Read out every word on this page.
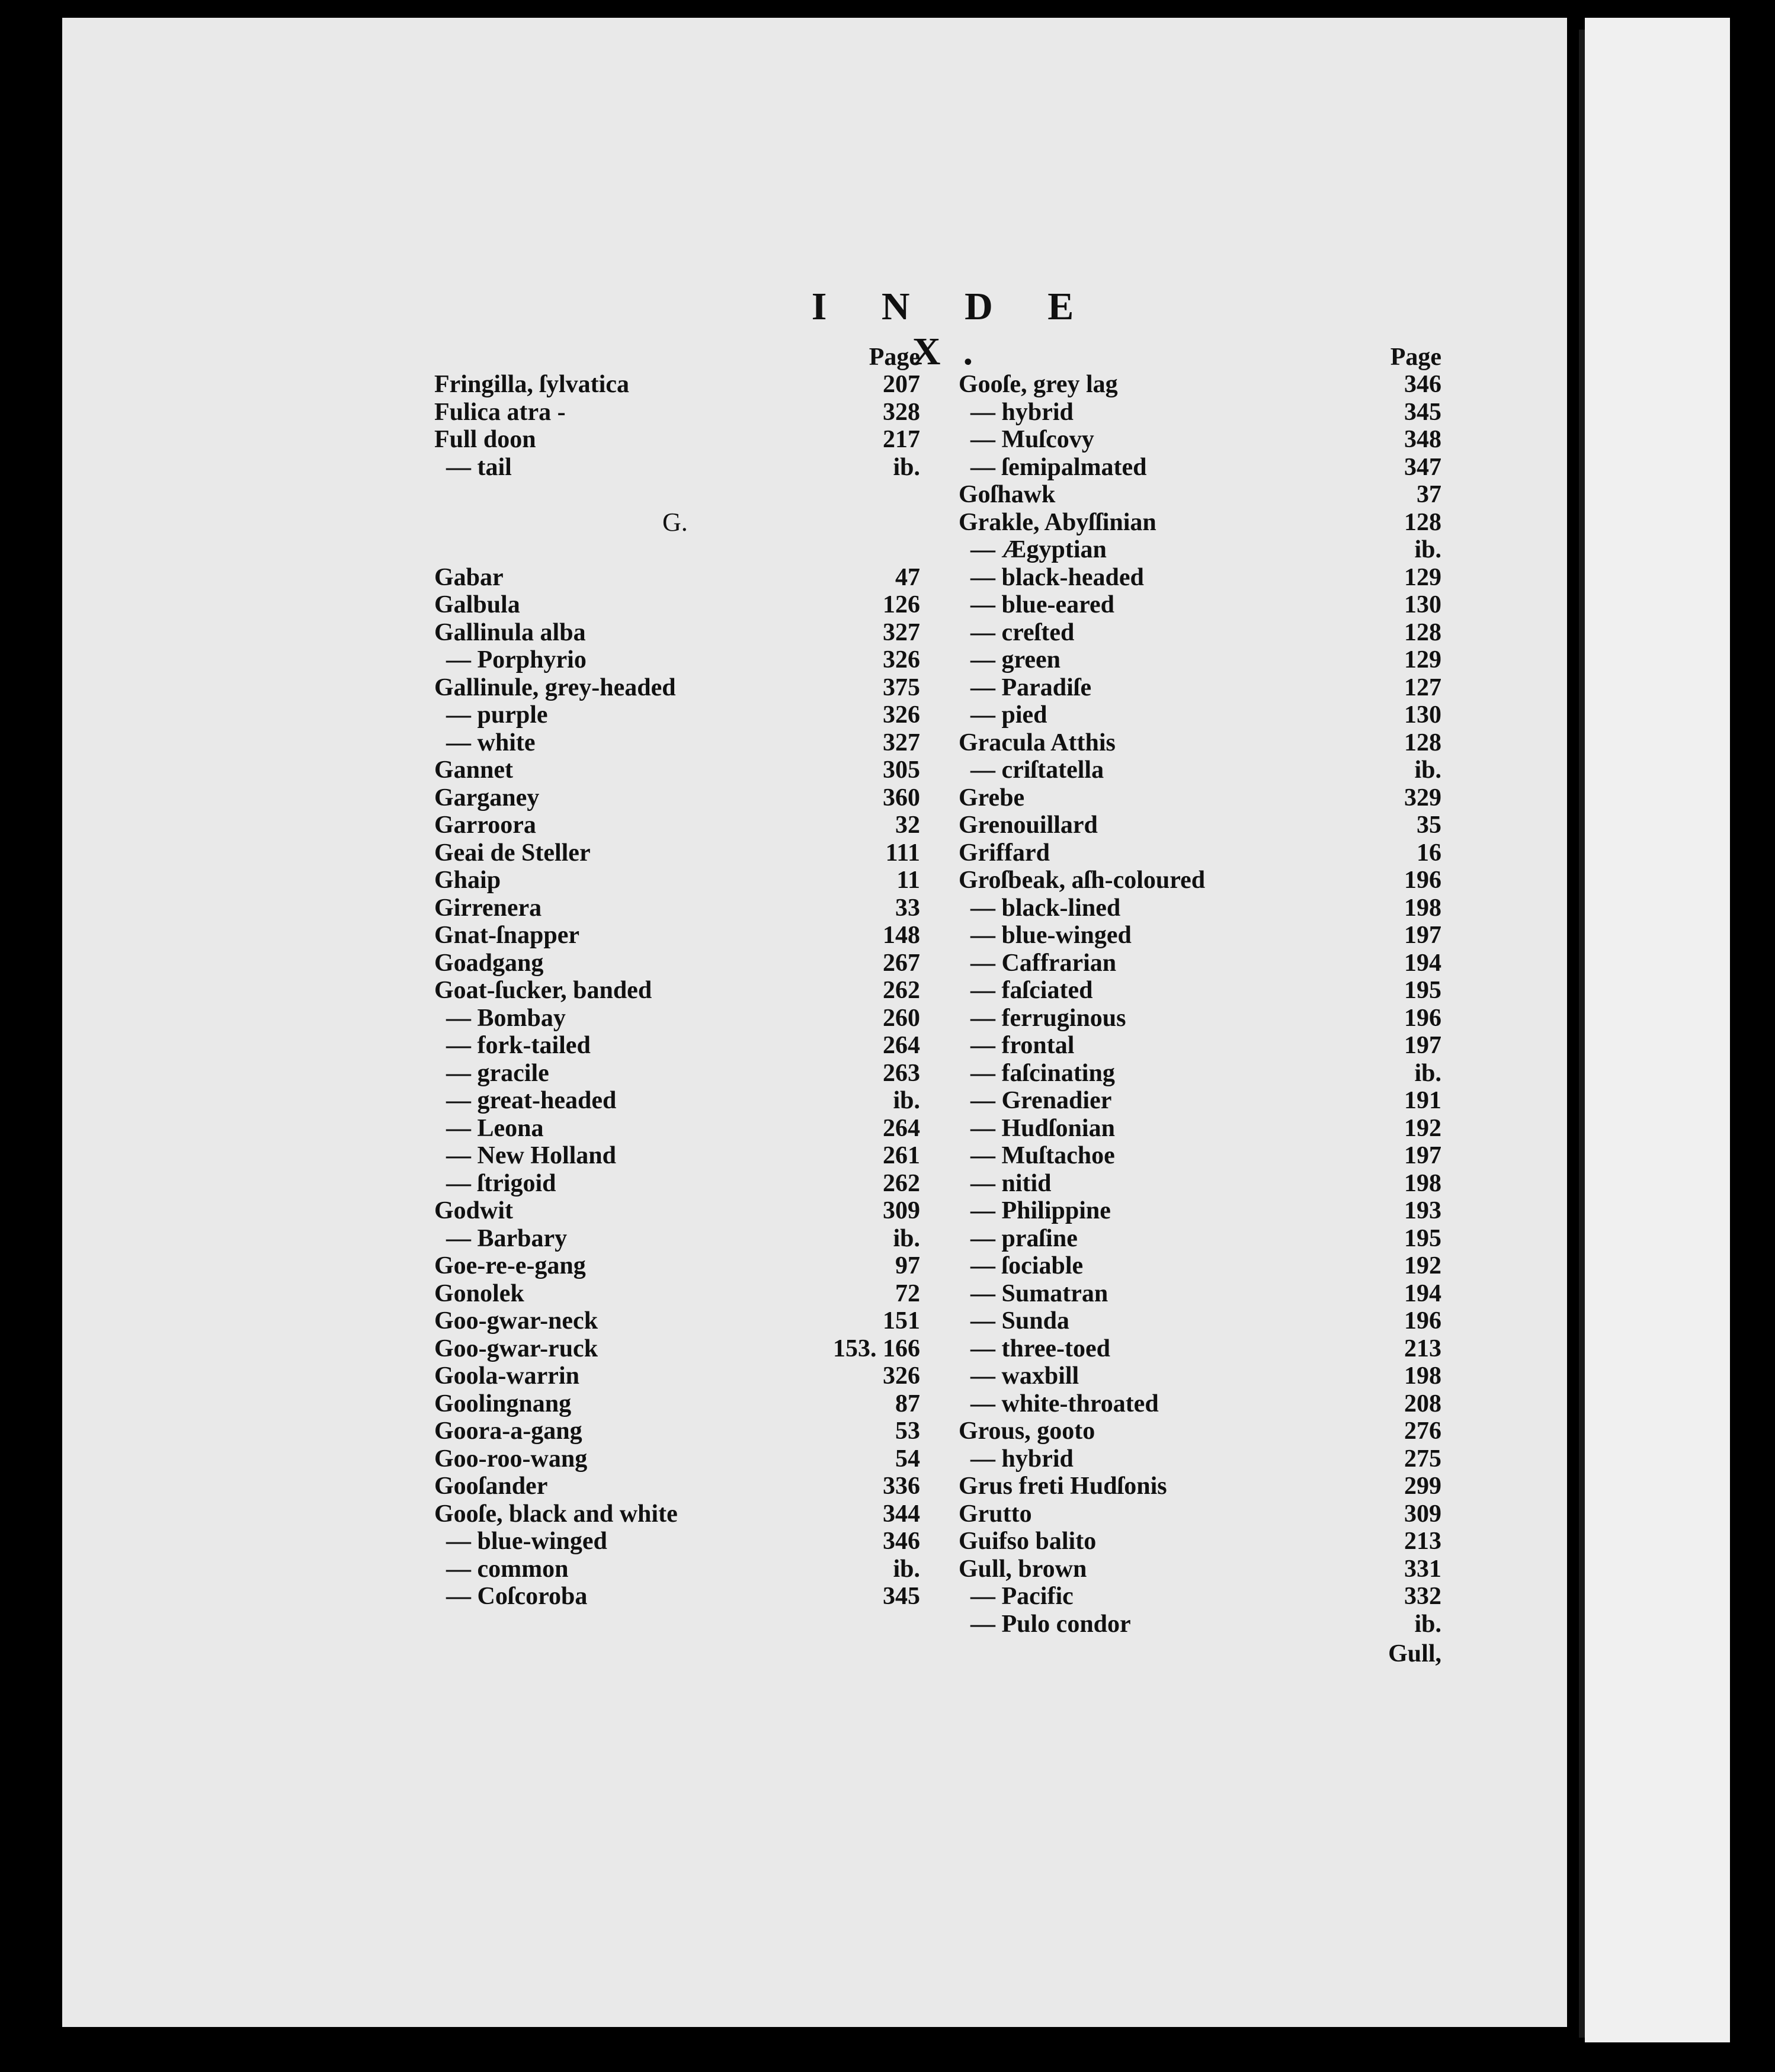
I N D E X.
Page
Fringilla, ſylvatica	207
Fulica atra -	328
Full doon	217
— tail	ib.
G.
Gabar	47
Galbula	126
Gallinula alba	327
— Porphyrio	326
Gallinule, grey-headed	375
— purple	326
— white	327
Gannet	305
Garganey	360
Garroora	32
Geai de Steller	111
Ghaip	11
Girrenera	33
Gnat-ſnapper	148
Goadgang	267
Goat-ſucker, banded	262
— Bombay	260
— fork-tailed	264
— gracile	263
— great-headed	ib.
— Leona	264
— New Holland	261
— ſtrigoid	262
Godwit	309
— Barbary	ib.
Goe-re-e-gang	97
Gonolek	72
Goo-gwar-neck	151
Goo-gwar-ruck	153. 166
Goola-warrin	326
Goolingnang	87
Goora-a-gang	53
Goo-roo-wang	54
Gooſander	336
Gooſe, black and white	344
— blue-winged	346
— common	ib.
— Coſcoroba	345
Page
Gooſe, grey lag	346
— hybrid	345
— Muſcovy	348
— ſemipalmated	347
Goſhawk	37
Grakle, Abyſſinian	128
— Ægyptian	ib.
— black-headed	129
— blue-eared	130
— creſted	128
— green	129
— Paradiſe	127
— pied	130
Gracula Atthis	128
— criſtatella	ib.
Grebe	329
Grenouillard	35
Griffard	16
Groſbeak, aſh-coloured	196
— black-lined	198
— blue-winged	197
— Caffrarian	194
— faſciated	195
— ferruginous	196
— frontal	197
— faſcinating	ib.
— Grenadier	191
— Hudſonian	192
— Muſtachoe	197
— nitid	198
— Philippine	193
— praſine	195
— ſociable	192
— Sumatran	194
— Sunda	196
— three-toed	213
— waxbill	198
— white-throated	208
Grous, gooto	276
— hybrid	275
Grus freti Hudſonis	299
Grutto	309
Guifso balito	213
Gull, brown	331
— Pacific	332
— Pulo condor	ib.
Gull,
